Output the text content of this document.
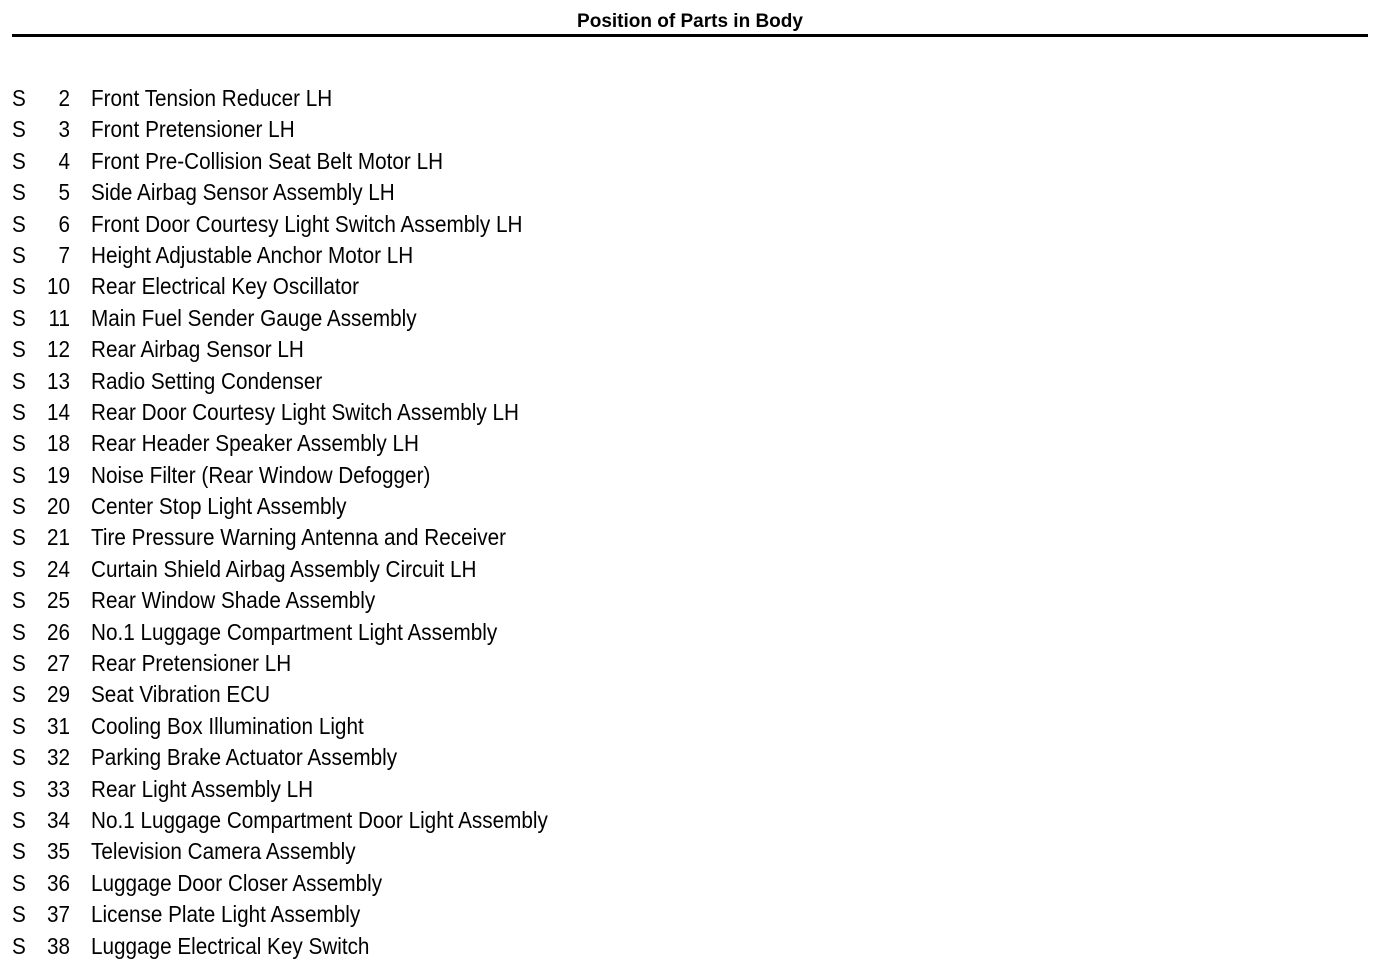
Position of Parts in Body
S	2 Front Tension Reducer LH
S	3 Front Pretensioner LH
S	4 Front Pre-Collision Seat Belt Motor LH
S	5 Side Airbag Sensor Assembly LH
S	6 Front Door Courtesy Light Switch Assembly LH
S	7 Height Adjustable Anchor Motor LH
S 10 Rear Electrical Key Oscillator
S 11 Main Fuel Sender Gauge Assembly
S 12 Rear Airbag Sensor LH
S 13 Radio Setting Condenser
S 14 Rear Door Courtesy Light Switch Assembly LH
S 18 Rear Header Speaker Assembly LH
S 19 Noise Filter (Rear Window Defogger)
S 20 Center Stop Light Assembly
S 21 Tire Pressure Warning Antenna and Receiver
S 24 Curtain Shield Airbag Assembly Circuit LH
S 25 Rear Window Shade Assembly
S 26 No.1 Luggage Compartment Light Assembly
S 27 Rear Pretensioner LH
S 29 Seat Vibration ECU
S 31 Cooling Box Illumination Light
S 32 Parking Brake Actuator Assembly
S 33 Rear Light Assembly LH
S 34 No.1 Luggage Compartment Door Light Assembly
S 35 Television Camera Assembly
S 36 Luggage Door Closer Assembly
S 37 License Plate Light Assembly
S 38 Luggage Electrical Key Switch
